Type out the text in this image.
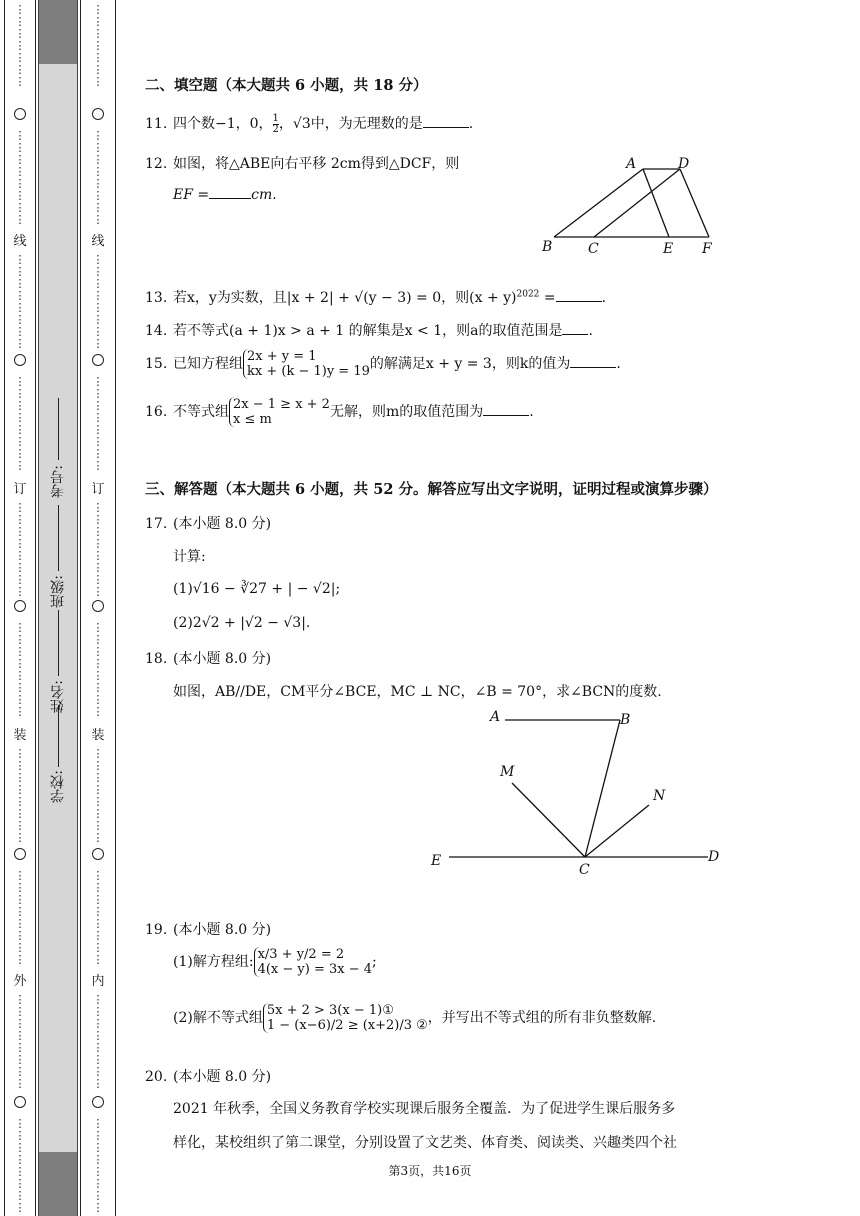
⋮
⋮
⋮
⋮
⋮
⋮
⋮
⋮
⋮
⋮
⋮
⋮
⋮
⋮
⋮
线
⋮
⋮
⋮
⋮
⋮
⋮
⋮
⋮
⋮
⋮
⋮
⋮
⋮
⋮
⋮
⋮
订
⋮
⋮
⋮
⋮
⋮
⋮
⋮
⋮
⋮
⋮
⋮
⋮
⋮
⋮
⋮
⋮
装
⋮
⋮
⋮
⋮
⋮
⋮
⋮
⋮
⋮
⋮
⋮
⋮
⋮
⋮
⋮
⋮
外
⋮
⋮
⋮
⋮
⋮
⋮
⋮
⋮
⋮
⋮
⋮
⋮
⋮
⋮
⋮
⋮
学校:
姓名:
班级:
考号:
⋮
⋮
⋮
⋮
⋮
⋮
⋮
⋮
⋮
⋮
⋮
⋮
⋮
⋮
⋮
线
⋮
⋮
⋮
⋮
⋮
⋮
⋮
⋮
⋮
⋮
⋮
⋮
⋮
⋮
⋮
⋮
订
⋮
⋮
⋮
⋮
⋮
⋮
⋮
⋮
⋮
⋮
⋮
⋮
⋮
⋮
⋮
⋮
装
⋮
⋮
⋮
⋮
⋮
⋮
⋮
⋮
⋮
⋮
⋮
⋮
⋮
⋮
⋮
⋮
内
⋮
⋮
⋮
⋮
⋮
⋮
⋮
⋮
⋮
⋮
⋮
⋮
⋮
⋮
⋮
⋮
二、填空题（本大题共 6 小题，共 18 分）
11. 四个数−1，0，$\frac{1}{2}$ ，√3中，为无理数的是	.
12. 如图，将△ABE向右平移 2cm得到△DCF，则
EF =	cm.
13. 若x，y为实数，且|x + 2| + √(y − 3) = 0，则$(x + y)^{2022}$ =	.
14. 若不等式(a + 1)x > a + 1 的解集是x < 1，则a的取值范围是 .
15. 已知方程组 2x + y = 1
kx + (k − 1)y = 19的解满足x + y = 3，则k的值为	.
16. 不等式组 2x − 1 ≥ x + 2
x ≤ m	无解，则m的取值范围为	.
三、解答题（本大题共 6 小题，共 52 分。解答应写出文字说明，证明过程或演算步骤）
17. (本小题 8.0 分)
计算:
(1)√16 − ∛27 + | − √2|;
(2)2√2 + |√2 − √3|.
18. (本小题 8.0 分)
如图，AB//DE，CM平分∠BCE，MC ⊥ NC，∠B = 70°，求∠BCN的度数.
19. (本小题 8.0 分)
(1)解方程组: x/3 + y/2 = 2
4(x − y) = 3x − 4;
(2)解不等式组 5x + 2 > 3(x − 1)①
1 − (x−6)/2 ≥ (x+2)/3 ②，并写出不等式组的所有非负整数解.
20. (本小题 8.0 分)
2021 年秋季，全国义务教育学校实现课后服务全覆盖．为了促进学生课后服务多
样化，某校组织了第二课堂，分别设置了文艺类、体育类、阅读类、兴趣类四个社
A	D
B	C	E F
A	B
M
N
E
C
D
第3页，共16页
